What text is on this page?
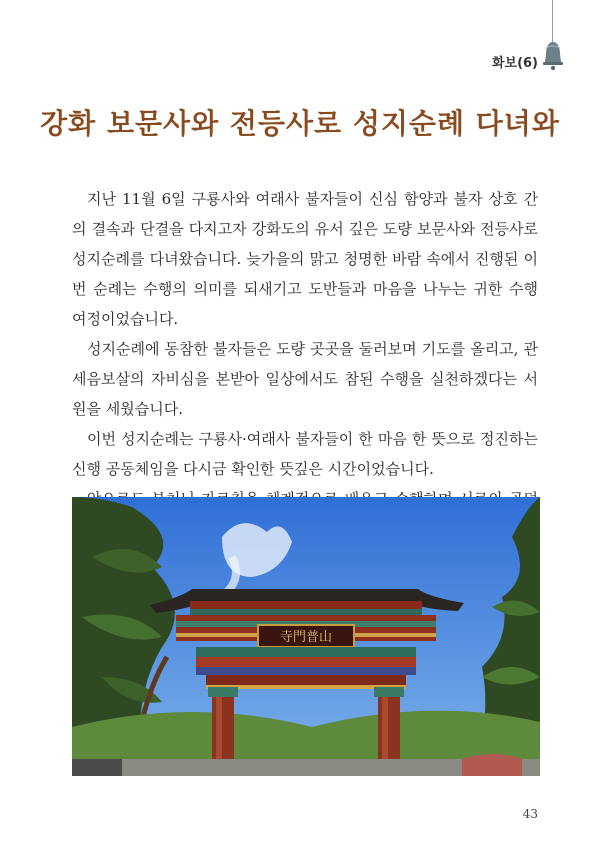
화보(6)
강화 보문사와 전등사로 성지순례 다녀와

지난 11월 6일 구룡사와 여래사 불자들이 신심 함양과 불자 상호 간의 결속과 단결을 다지고자 강화도의 유서 깊은 도량 보문사와 전등사로 성지순례를 다녀왔습니다. 늦가을의 맑고 청명한 바람 속에서 진행된 이번 순례는 수행의 의미를 되새기고 도반들과 마음을 나누는 귀한 수행 여정이었습니다.

성지순례에 동참한 불자들은 도량 곳곳을 둘러보며 기도를 올리고, 관세음보살의 자비심을 본받아 일상에서도 참된 수행을 실천하겠다는 서원을 세웠습니다.

이번 성지순례는 구룡사·여래사 불자들이 한 마음 한 뜻으로 정진하는 신행 공동체임을 다시금 확인한 뜻깊은 시간이었습니다.

寺門普山
43
